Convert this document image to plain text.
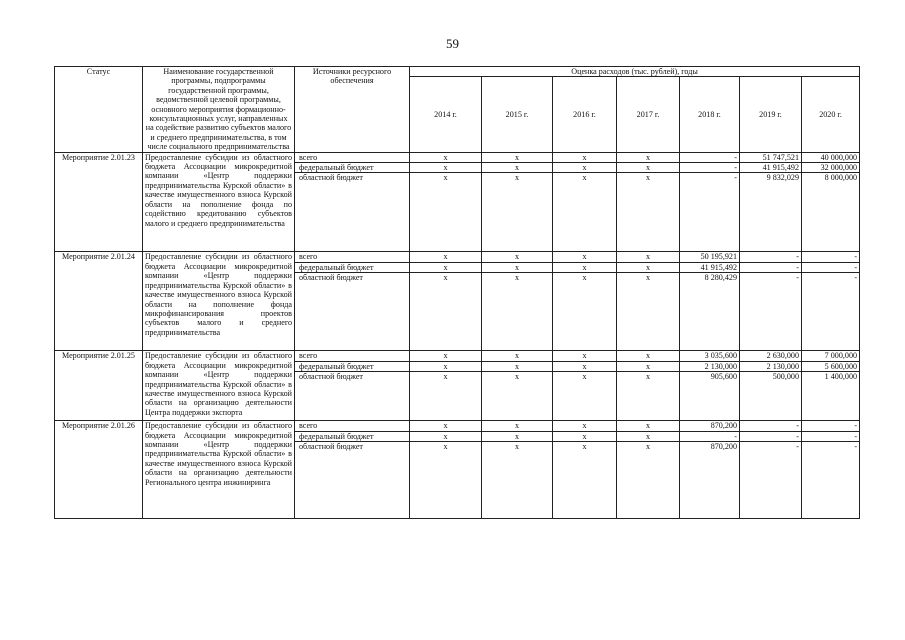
59
Статус	Наименование государственной программы, подпрограммы государственной программы, ведомственной целевой программы, основного мероприятия формационно-консультационных услуг, направленных на содействие развитию субъектов малого и среднего предпринимательства, в том числе социального предпринимательства	Источники ресурсного обеспечения	Оценка расходов (тыс. рублей), годы						
			2014 г.	2015 г.	2016 г.	2017 г.	2018 г.	2019 г.	2020 г.
Мероприятие 2.01.23	Предоставление субсидии из областного бюджета Ассоциации микрокредитной компании «Центр поддержки предпринимательства Курской области» в качестве имущественного взноса Курской области на пополнение фонда по содействию кредитованию субъектов малого и среднего предпринимательства	всего	x	x	x	x	-	51 747,521	40 000,000
		федеральный бюджет	x	x	x	x	-	41 915,492	32 000,000
		областной бюджет	x	x	x	x	-	9 832,029	8 000,000
Мероприятие 2.01.24	Предоставление субсидии из областного бюджета Ассоциации микрокредитной компании «Центр поддержки предпринимательства Курской области» в качестве имущественного взноса Курской области на пополнение фонда микрофинансирования проектов субъектов малого и среднего предпринимательства	всего	x	x	x	x	50 195,921	-	-
		федеральный бюджет	x	x	x	x	41 915,492	-	-
		областной бюджет	x	x	x	x	8 280,429	-	-
Мероприятие 2.01.25	Предоставление субсидии из областного бюджета Ассоциации микрокредитной компании «Центр поддержки предпринимательства Курской области» в качестве имущественного взноса Курской области на организацию деятельности Центра поддержки экспорта	всего	x	x	x	x	3 035,600	2 630,000	7 000,000
		федеральный бюджет	x	x	x	x	2 130,000	2 130,000	5 600,000
		областной бюджет	x	x	x	x	905,600	500,000	1 400,000
Мероприятие 2.01.26	Предоставление субсидии из областного бюджета Ассоциации микрокредитной компании «Центр поддержки предпринимательства Курской области» в качестве имущественного взноса Курской области на организацию деятельности Регионального центра инжиниринга	всего	x	x	x	x	870,200	-	-
		федеральный бюджет	x	x	x	x	-	-	-
		областной бюджет	x	x	x	x	870,200	-	-
